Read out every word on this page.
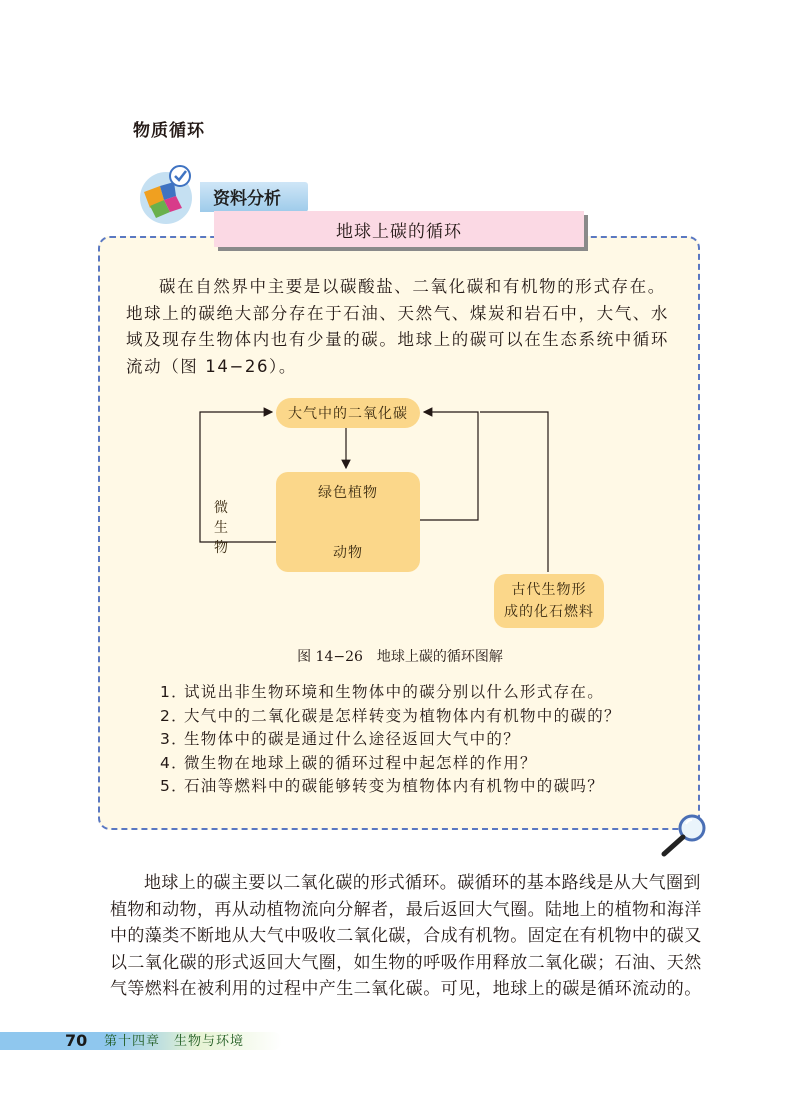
物质循环
资料分析
地球上碳的循环

碳在自然界中主要是以碳酸盐、二氧化碳和有机物的形式存在。地球上的碳绝大部分存在于石油、天然气、煤炭和岩石中，大气、水域及现存生物体内也有少量的碳。地球上的碳可以在生态系统中循环流动（图 14−26）。

大气中的二氧化碳
绿色植物
动物
微生物
古代生物形
成的化石燃料
图 14−26　地球上碳的循环图解
1．试说出非生物环境和生物体中的碳分别以什么形式存在。
2．大气中的二氧化碳是怎样转变为植物体内有机物中的碳的？
3．生物体中的碳是通过什么途径返回大气中的？
4．微生物在地球上碳的循环过程中起怎样的作用？
5．石油等燃料中的碳能够转变为植物体内有机物中的碳吗？

地球上的碳主要以二氧化碳的形式循环。碳循环的基本路线是从大气圈到植物和动物，再从动植物流向分解者，最后返回大气圈。陆地上的植物和海洋中的藻类不断地从大气中吸收二氧化碳，合成有机物。固定在有机物中的碳又以二氧化碳的形式返回大气圈，如生物的呼吸作用释放二氧化碳；石油、天然气等燃料在被利用的过程中产生二氧化碳。可见，地球上的碳是循环流动的。

70 第十四章　生物与环境
